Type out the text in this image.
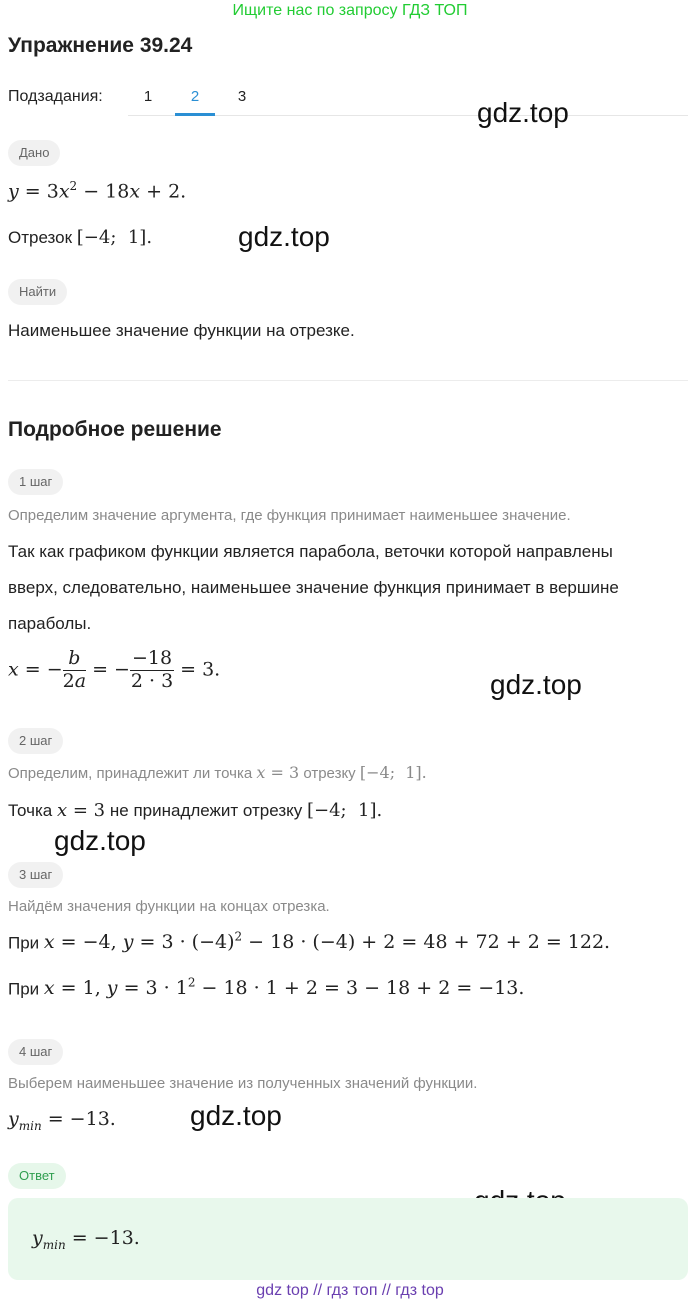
Ищите нас по запросу ГДЗ ТОП
Упражнение 39.24
Подзадания:	1	2	3
gdz.top
gdz.top
gdz.top
gdz.top
gdz.top
Дано
$y = 3x^2 - 18x + 2$.
Отрезок [−4;  1].
Найти
Наименьшее значение функции на отрезке.
Подробное решение
1 шаг
Определим значение аргумента, где функция принимает наименьшее значение.
Так как графиком функции является парабола, веточки которой направлены
вверх, следовательно, наименьшее значение функция принимает в вершине
параболы.
x = − $\frac{b}{2a}$ = − $\frac{-18}{2 \cdot 3} = 3$.
2 шаг
Определим, принадлежит ли точка x = 3 отрезку [−4;  1].
Точка x = 3 не принадлежит отрезку [−4;  1].
3 шаг
Найдём значения функции на концах отрезка.
При x = −4, $y = 3 \cdot (-4)^2 - 18 \cdot (-4) + 2 = 48 + 72 + 2 = 122$.
При x = 1, $y = 3 \cdot 1^2 - 18 \cdot 1 + 2 = 3 - 18 + 2 = -13$.
4 шаг
Выберем наименьшее значение из полученных значений функции.
$y_{min} = -13$.
Ответ
$y_{min} = -13$.
gdz top // гдз топ // гдз top
